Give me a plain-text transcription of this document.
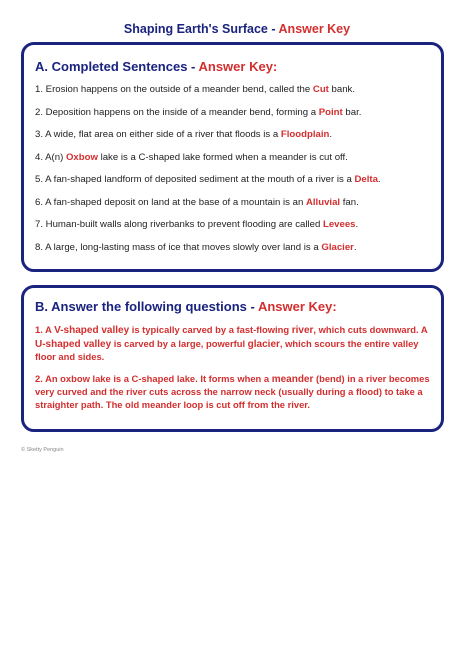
Shaping Earth's Surface - Answer Key
A. Completed Sentences - Answer Key:
1. Erosion happens on the outside of a meander bend, called the Cut bank.
2. Deposition happens on the inside of a meander bend, forming a Point bar.
3. A wide, flat area on either side of a river that floods is a Floodplain.
4. A(n) Oxbow lake is a C-shaped lake formed when a meander is cut off.
5. A fan-shaped landform of deposited sediment at the mouth of a river is a Delta.
6. A fan-shaped deposit on land at the base of a mountain is an Alluvial fan.
7. Human-built walls along riverbanks to prevent flooding are called Levees.
8. A large, long-lasting mass of ice that moves slowly over land is a Glacier.
B. Answer the following questions - Answer Key:
1. A V-shaped valley is typically carved by a fast-flowing river, which cuts downward. A U-shaped valley is carved by a large, powerful glacier, which scours the entire valley floor and sides.
2. An oxbow lake is a C-shaped lake. It forms when a meander (bend) in a river becomes very curved and the river cuts across the narrow neck (usually during a flood) to take a straighter path. The old meander loop is cut off from the river.
© Sketty Penguin
